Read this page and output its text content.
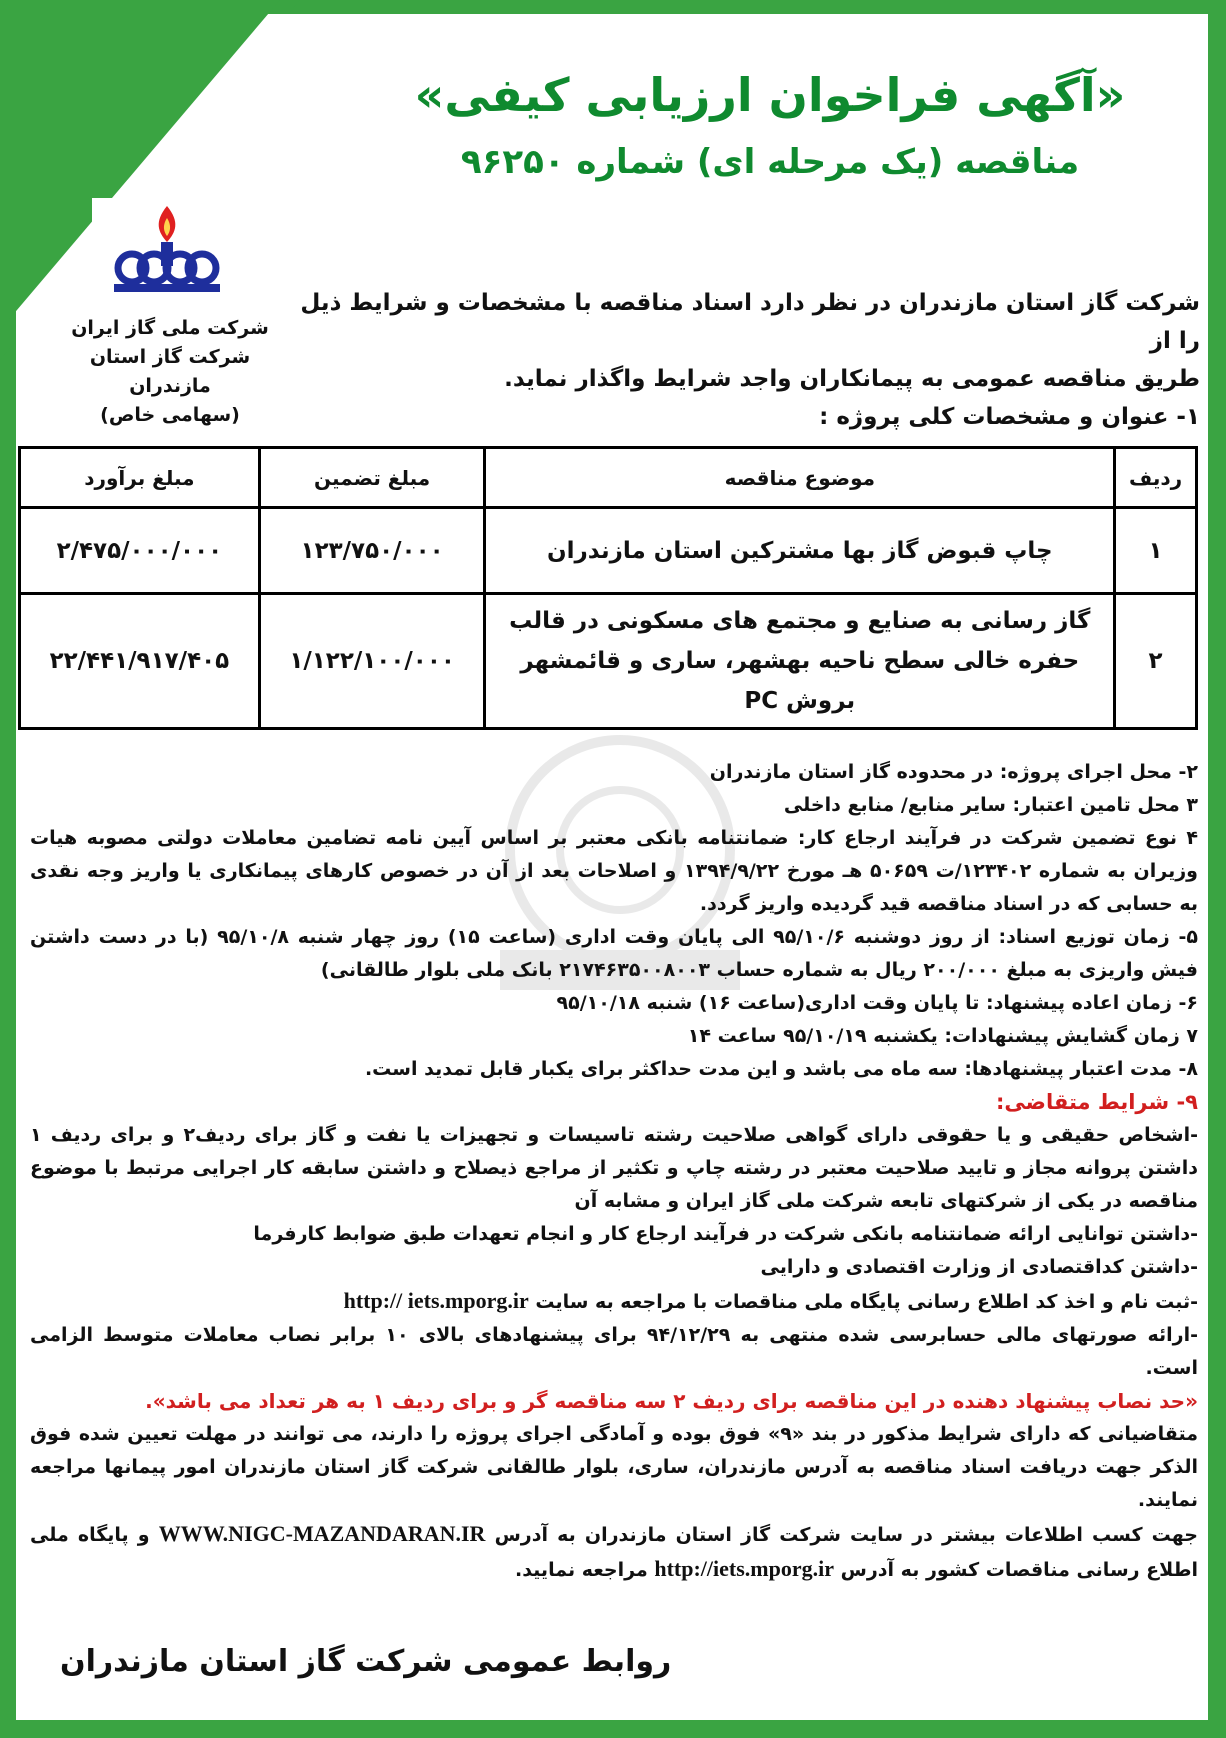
«آگهی فراخوان ارزیابی کیفی»
مناقصه (یک مرحله ای) شماره ۹۶۲۵۰
شرکت ملی گاز ایران
شرکت گاز استان مازندران
(سهامی خاص)
شرکت گاز استان مازندران در نظر دارد اسناد مناقصه با مشخصات و شرایط ذیل را از
طریق مناقصه عمومی به پیمانکاران واجد شرایط واگذار نماید.
۱- عنوان و مشخصات کلی پروژه :
ردیف	موضوع مناقصه	مبلغ تضمین	مبلغ برآورد
۱	چاپ قبوض گاز بها مشترکین استان مازندران	۱۲۳/۷۵۰/۰۰۰	۲/۴۷۵/۰۰۰/۰۰۰
۲	گاز رسانی به صنایع و مجتمع های مسکونی در قالب حفره خالی سطح ناحیه بهشهر، ساری و قائمشهر بروش PC	۱/۱۲۲/۱۰۰/۰۰۰	۲۲/۴۴۱/۹۱۷/۴۰۵

۲- محل اجرای پروژه: در محدوده گاز استان مازندران

۳ محل تامین اعتبار: سایر منابع/ منابع داخلی

۴ نوع تضمین شرکت در فرآیند ارجاع کار: ضمانتنامه بانکی معتبر بر اساس آیین نامه تضامین معاملات دولتی مصوبه هیات وزیران به شماره ۱۲۳۴۰۲/ت ۵۰۶۵۹ هـ مورخ ۱۳۹۴/۹/۲۲ و اصلاحات بعد از آن در خصوص کارهای پیمانکاری یا واریز وجه نقدی به حسابی که در اسناد مناقصه قید گردیده واریز گردد.

۵- زمان توزیع اسناد: از روز دوشنبه ۹۵/۱۰/۶ الی پایان وقت اداری (ساعت ۱۵) روز چهار شنبه ۹۵/۱۰/۸ (با در دست داشتن فیش واریزی به مبلغ ۲۰۰/۰۰۰ ریال به شماره حساب ۲۱۷۴۶۳۵۰۰۸۰۰۳ بانک ملی بلوار طالقانی)

۶- زمان اعاده پیشنهاد: تا پایان وقت اداری(ساعت ۱۶) شنبه ۹۵/۱۰/۱۸

۷ زمان گشایش پیشنهادات: یکشنبه ۹۵/۱۰/۱۹ ساعت ۱۴

۸- مدت اعتبار پیشنهادها: سه ماه می باشد و این مدت حداکثر برای یکبار قابل تمدید است.

۹- شرایط متقاضی:

-اشخاص حقیقی و یا حقوقی دارای گواهی صلاحیت رشته تاسیسات و تجهیزات یا نفت و گاز برای ردیف۲ و برای ردیف ۱ داشتن پروانه مجاز و تایید صلاحیت معتبر در رشته چاپ و تکثیر از مراجع ذیصلاح و داشتن سابقه کار اجرایی مرتبط با موضوع مناقصه در یکی از شرکتهای تابعه شرکت ملی گاز ایران و مشابه آن

-داشتن توانایی ارائه ضمانتنامه بانکی شرکت در فرآیند ارجاع کار و انجام تعهدات طبق ضوابط کارفرما

-داشتن کداقتصادی از وزارت اقتصادی و دارایی

-ثبت نام و اخذ کد اطلاع رسانی پایگاه ملی مناقصات با مراجعه به سایت http:// iets.mporg.ir

-ارائه صورتهای مالی حسابرسی شده منتهی به ۹۴/۱۲/۲۹ برای پیشنهادهای بالای ۱۰ برابر نصاب معاملات متوسط الزامی است.

«حد نصاب پیشنهاد دهنده در این مناقصه برای ردیف ۲ سه مناقصه گر و برای ردیف ۱ به هر تعداد می باشد».

متقاضیانی که دارای شرایط مذکور در بند «۹» فوق بوده و آمادگی اجرای پروژه را دارند، می توانند در مهلت تعیین شده فوق الذکر جهت دریافت اسناد مناقصه به آدرس مازندران، ساری، بلوار طالقانی شرکت گاز استان مازندران امور پیمانها مراجعه نمایند.

جهت کسب اطلاعات بیشتر در سایت شرکت گاز استان مازندران به آدرس WWW.NIGC-MAZANDARAN.IR و پایگاه ملی اطلاع رسانی مناقصات کشور به آدرس http://iets.mporg.ir مراجعه نمایید.

روابط عمومی شرکت گاز استان مازندران
